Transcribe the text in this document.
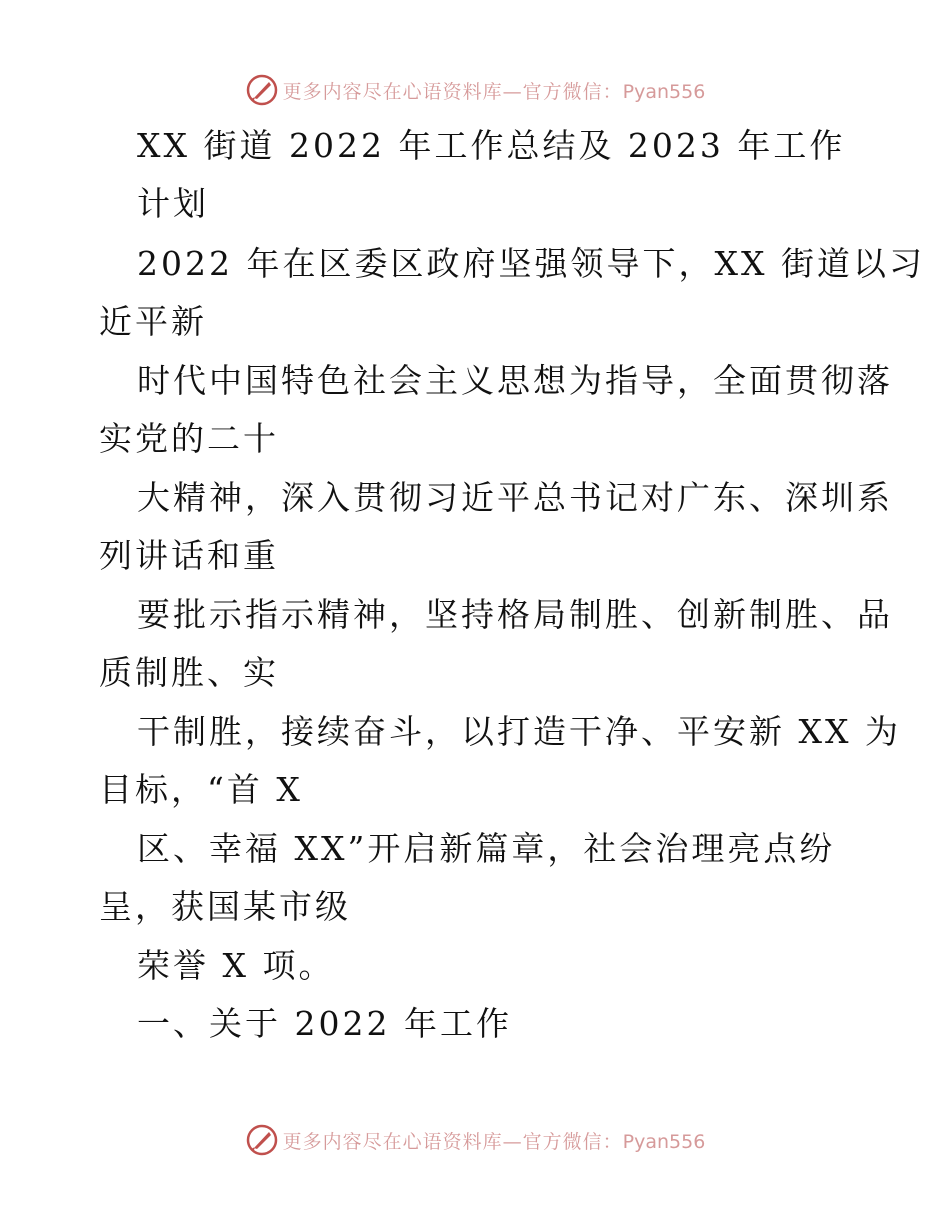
更多内容尽在心语资料库—官方微信：Pyan556
XX 街道 2022 年工作总结及 2023 年工作
计划
2022 年在区委区政府坚强领导下，XX 街道以习
近平新
时代中国特色社会主义思想为指导，全面贯彻落
实党的二十
大精神，深入贯彻习近平总书记对广东、深圳系
列讲话和重
要批示指示精神，坚持格局制胜、创新制胜、品
质制胜、实
干制胜，接续奋斗，以打造干净、平安新 XX 为
目标，“首 X
区、幸福 XX”开启新篇章，社会治理亮点纷
呈，获国某市级
荣誉 X 项。
一、关于 2022 年工作
更多内容尽在心语资料库—官方微信：Pyan556
